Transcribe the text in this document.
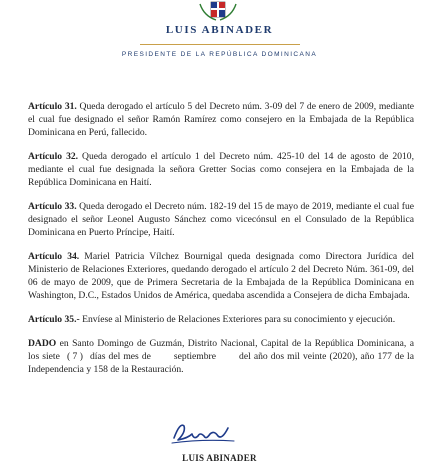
LUIS ABINADER
PRESIDENTE DE LA REPÚBLICA DOMINICANA

Artículo 31. Queda derogado el artículo 5 del Decreto núm. 3-09 del 7 de enero de 2009, mediante el cual fue designado el señor Ramón Ramírez como consejero en la Embajada de la República Dominicana en Perú, fallecido.

Artículo 32. Queda derogado el artículo 1 del Decreto núm. 425-10 del 14 de agosto de 2010, mediante el cual fue designada la señora Gretter Socias como consejera en la Embajada de la República Dominicana en Haití.

Artículo 33. Queda derogado el Decreto núm. 182-19 del 15 de mayo de 2019, mediante el cual fue designado el señor Leonel Augusto Sánchez como vicecónsul en el Consulado de la República Dominicana en Puerto Príncipe, Haití.

Artículo 34. Mariel Patricia Vílchez Bournigal queda designada como Directora Jurídica del Ministerio de Relaciones Exteriores, quedando derogado el artículo 2 del Decreto Núm. 361-09, del 06 de mayo de 2009, que de Primera Secretaria de la Embajada de la República Dominicana en Washington, D.C., Estados Unidos de América, quedaba ascendida a Consejera de dicha Embajada.

Artículo 35.- Envíese al Ministerio de Relaciones Exteriores para su conocimiento y ejecución.

DADO en Santo Domingo de Guzmán, Distrito Nacional, Capital de la República Dominicana, a los siete ( 7 ) días del mes de septiembre del año dos mil veinte (2020), año 177 de la Independencia y 158 de la Restauración.

LUIS ABINADER
